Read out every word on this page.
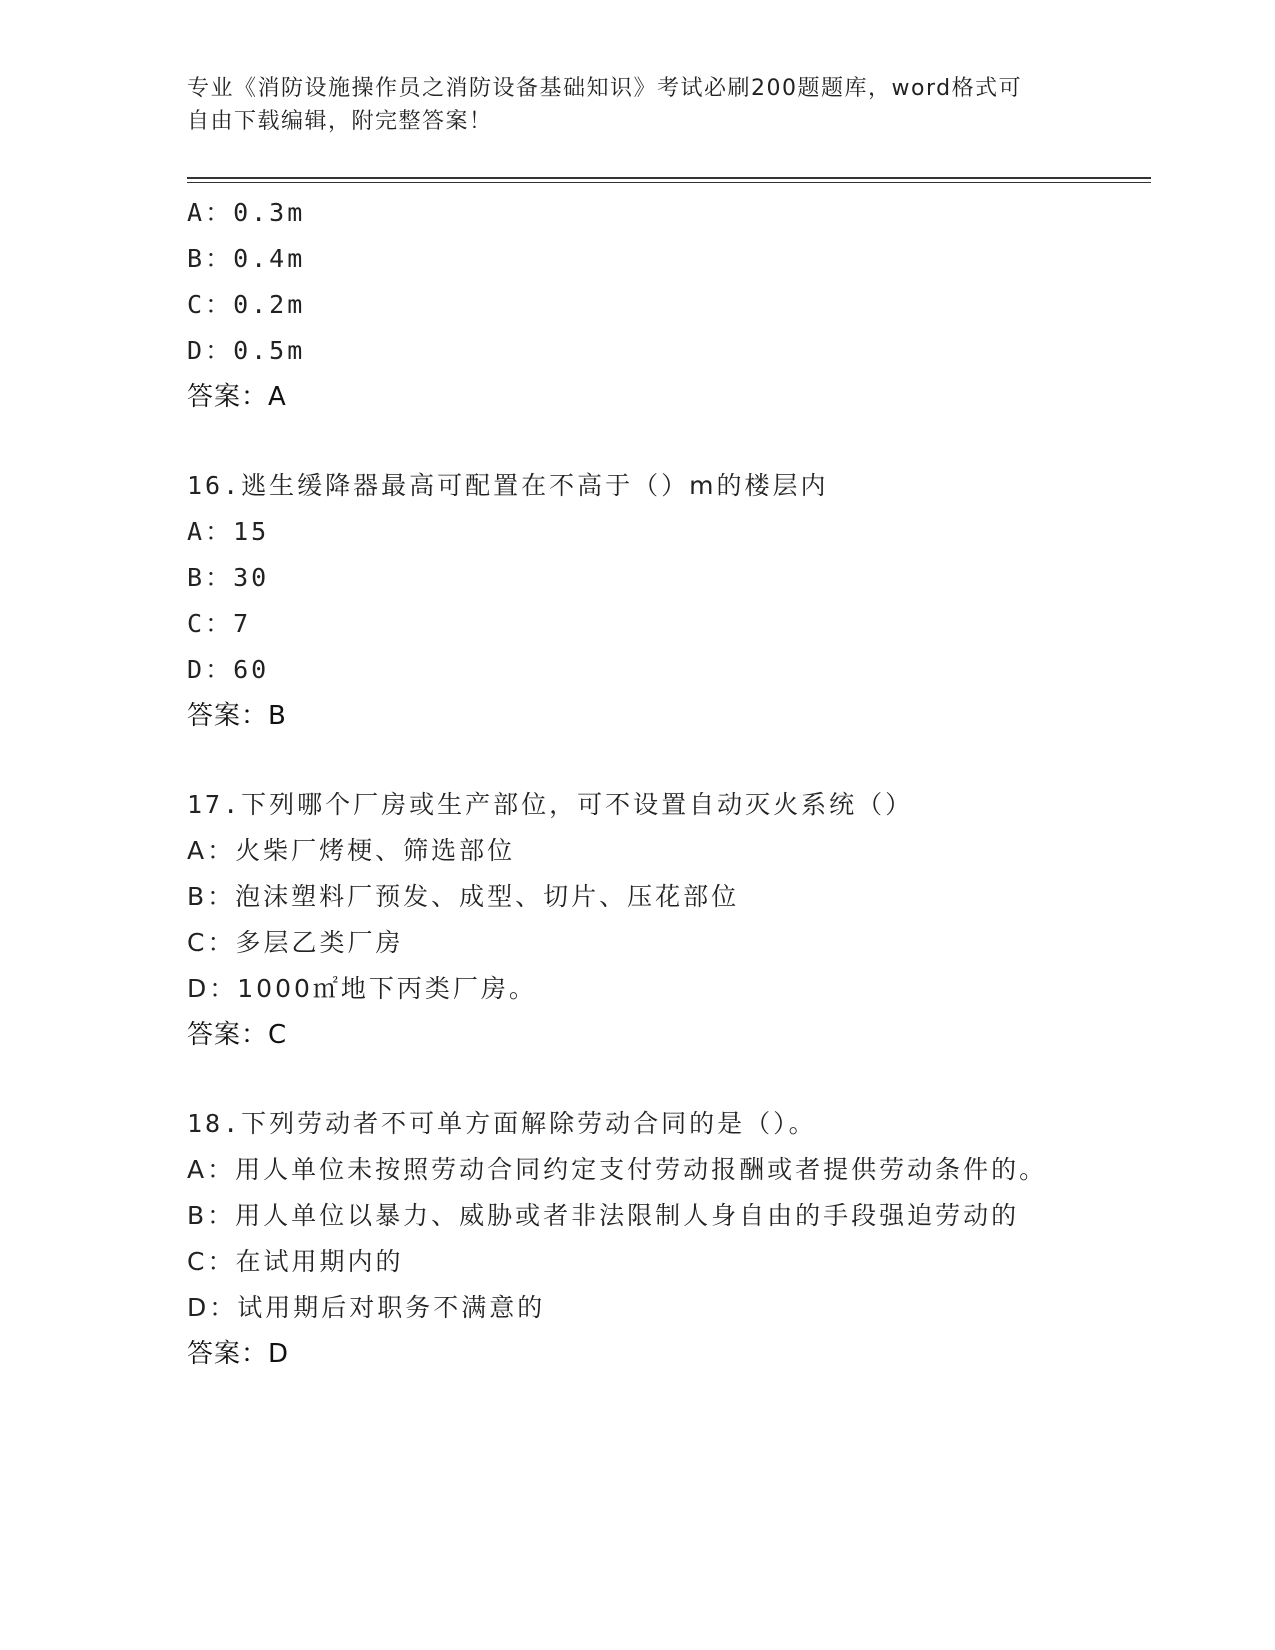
专业《消防设施操作员之消防设备基础知识》考试必刷200题题库，word格式可
自由下载编辑，附完整答案！
A：0.3m
B：0.4m
C：0.2m
D：0.5m
答案：A
16.逃生缓降器最高可配置在不高于（）m的楼层内
A：15
B：30
C：7
D：60
答案：B
17.下列哪个厂房或生产部位，可不设置自动灭火系统（）
A：火柴厂烤梗、筛选部位
B：泡沫塑料厂预发、成型、切片、压花部位
C：多层乙类厂房
D：1000㎡地下丙类厂房。
答案：C
18.下列劳动者不可单方面解除劳动合同的是（）。
A：用人单位未按照劳动合同约定支付劳动报酬或者提供劳动条件的。
B：用人单位以暴力、威胁或者非法限制人身自由的手段强迫劳动的
C：在试用期内的
D：试用期后对职务不满意的
答案：D
